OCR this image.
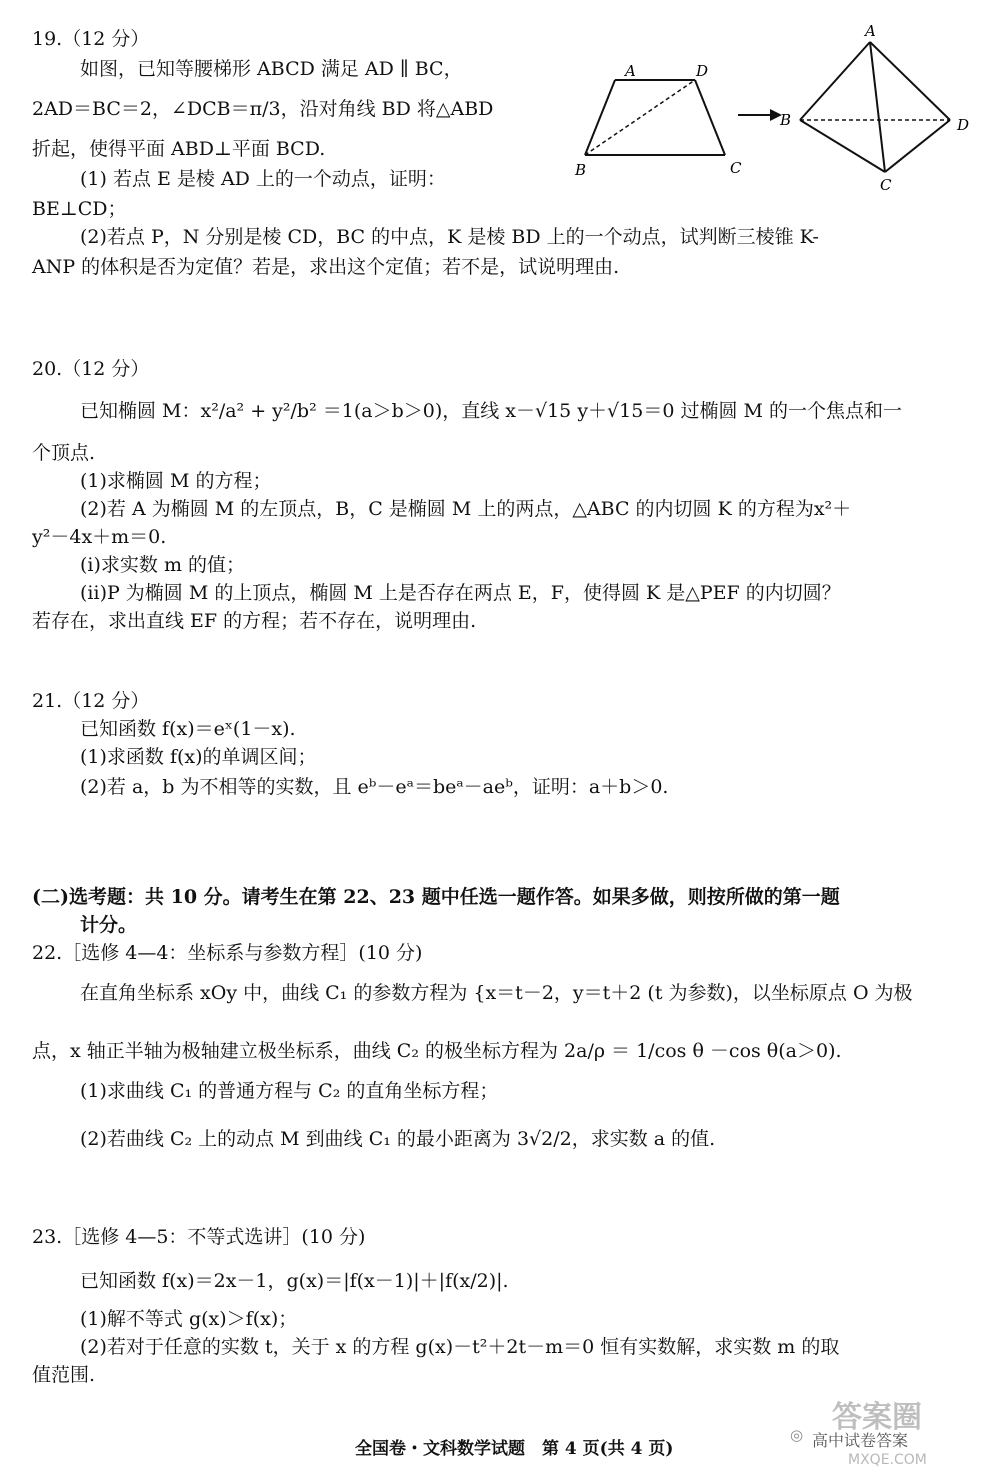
19.（12 分）
如图，已知等腰梯形 ABCD 满足 AD ∥ BC，
2AD＝BC＝2，∠DCB＝π/3，沿对角线 BD 将△ABD
折起，使得平面 ABD⊥平面 BCD.
(1) 若点 E 是棱 AD 上的一个动点，证明：
BE⊥CD；
(2)若点 P，N 分别是棱 CD，BC 的中点，K 是棱 BD 上的一个动点，试判断三棱锥 K-
ANP 的体积是否为定值？若是，求出这个定值；若不是，试说明理由.
A	D
B	C
A
B	D
C
20.（12 分）
已知椭圆 M：x²/a² + y²/b² ＝1(a＞b＞0)，直线 x－√15 y＋√15＝0 过椭圆 M 的一个焦点和一
个顶点.
(1)求椭圆 M 的方程；
(2)若 A 为椭圆 M 的左顶点，B，C 是椭圆 M 上的两点，△ABC 的内切圆 K 的方程为x²＋
y²－4x＋m＝0.
(ⅰ)求实数 m 的值；
(ⅱ)P 为椭圆 M 的上顶点，椭圆 M 上是否存在两点 E，F，使得圆 K 是△PEF 的内切圆？
若存在，求出直线 EF 的方程；若不存在，说明理由.
21.（12 分）
已知函数 f(x)＝eˣ(1－x).
(1)求函数 f(x)的单调区间；
(2)若 a，b 为不相等的实数，且 eᵇ－eᵃ＝beᵃ－aeᵇ，证明：a＋b＞0.
(二)选考题：共 10 分。请考生在第 22、23 题中任选一题作答。如果多做，则按所做的第一题
计分。
22.［选修 4—4：坐标系与参数方程］(10 分)
在直角坐标系 xOy 中，曲线 C₁ 的参数方程为 {x＝t－2，y＝t＋2 (t 为参数)，以坐标原点 O 为极
点，x 轴正半轴为极轴建立极坐标系，曲线 C₂ 的极坐标方程为 2a/ρ ＝ 1/cos θ －cos θ(a＞0).
(1)求曲线 C₁ 的普通方程与 C₂ 的直角坐标方程；
(2)若曲线 C₂ 上的动点 M 到曲线 C₁ 的最小距离为 3√2/2，求实数 a 的值.
23.［选修 4—5：不等式选讲］(10 分)
已知函数 f(x)＝2x－1，g(x)＝|f(x－1)|＋|f(x/2)|.
(1)解不等式 g(x)＞f(x)；
(2)若对于任意的实数 t，关于 x 的方程 g(x)－t²＋2t－m＝0 恒有实数解，求实数 m 的取
值范围.
全国卷・文科数学试题　第 4 页(共 4 页)
答案圈
◎ 高中试卷答案
MXQE.COM
